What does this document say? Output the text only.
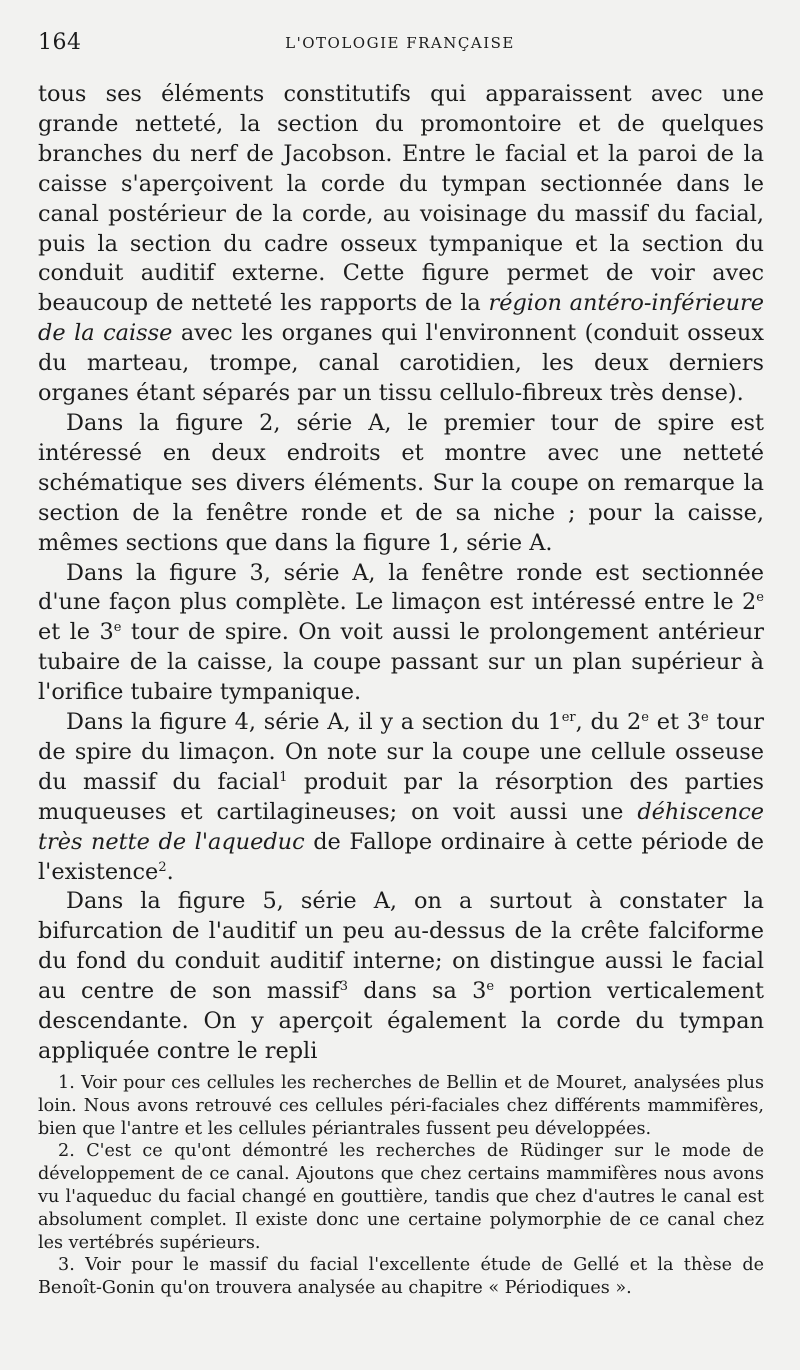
164	L'OTOLOGIE FRANÇAISE

tous ses éléments constitutifs qui apparaissent avec une grande netteté, la section du promontoire et de quelques branches du nerf de Jacobson. Entre le facial et la paroi de la caisse s'aperçoivent la corde du tympan sectionnée dans le canal postérieur de la corde, au voisinage du massif du facial, puis la section du cadre osseux tympanique et la section du conduit auditif externe. Cette figure permet de voir avec beaucoup de netteté les rapports de la région antéro-inférieure de la caisse avec les organes qui l'environnent (conduit osseux du marteau, trompe, canal carotidien, les deux derniers organes étant séparés par un tissu cellulo-fibreux très dense).

Dans la figure 2, série A, le premier tour de spire est intéressé en deux endroits et montre avec une netteté schématique ses divers éléments. Sur la coupe on remarque la section de la fenêtre ronde et de sa niche ; pour la caisse, mêmes sections que dans la figure 1, série A.

Dans la figure 3, série A, la fenêtre ronde est sectionnée d'une façon plus complète. Le limaçon est intéressé entre le 2e et le 3e tour de spire. On voit aussi le prolongement antérieur tubaire de la caisse, la coupe passant sur un plan supérieur à l'orifice tubaire tympanique.

Dans la figure 4, série A, il y a section du 1er, du 2e et 3e tour de spire du limaçon. On note sur la coupe une cellule osseuse du massif du facial$^1$ produit par la résorption des parties muqueuses et cartilagineuses; on voit aussi une déhiscence très nette de l'aqueduc de Fallope ordinaire à cette période de l'existence$^2$.

Dans la figure 5, série A, on a surtout à constater la bifurcation de l'auditif un peu au-dessus de la crête falciforme du fond du conduit auditif interne; on distingue aussi le facial au centre de son massif$^3$ dans sa 3e portion verticalement descendante. On y aperçoit également la corde du tympan appliquée contre le repli

1. Voir pour ces cellules les recherches de Bellin et de Mouret, analysées plus loin. Nous avons retrouvé ces cellules péri-faciales chez différents mammifères, bien que l'antre et les cellules périantrales fussent peu développées.

2. C'est ce qu'ont démontré les recherches de Rüdinger sur le mode de développement de ce canal. Ajoutons que chez certains mammifères nous avons vu l'aqueduc du facial changé en gouttière, tandis que chez d'autres le canal est absolument complet. Il existe donc une certaine polymorphie de ce canal chez les vertébrés supérieurs.

3. Voir pour le massif du facial l'excellente étude de Gellé et la thèse de Benoît-Gonin qu'on trouvera analysée au chapitre « Périodiques ».
